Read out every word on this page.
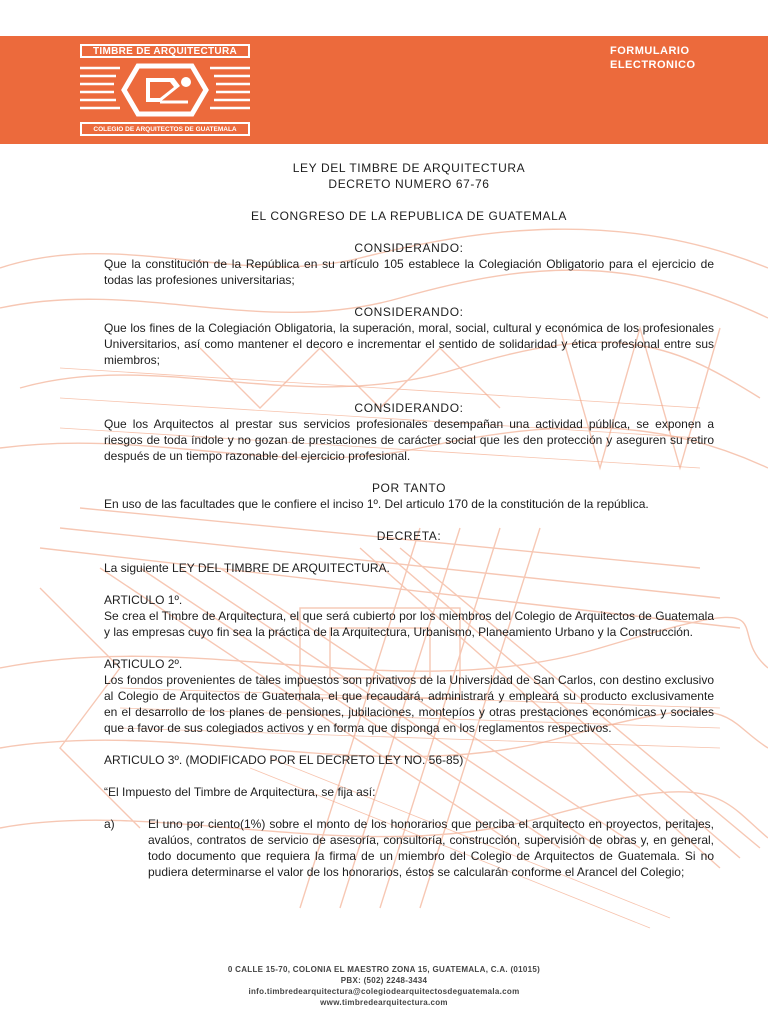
TIMBRE DE ARQUITECTURA
COLEGIO DE ARQUITECTOS DE GUATEMALA
FORMULARIO
ELECTRONICO

LEY DEL TIMBRE DE ARQUITECTURA

DECRETO NUMERO 67-76

EL CONGRESO DE LA REPUBLICA DE GUATEMALA

CONSIDERANDO:

Que la constitución de la República en su artículo 105 establece la Colegiación Obligatorio para el ejercicio de todas las profesiones universitarias;

CONSIDERANDO:

Que los fines de la Colegiación Obligatoria, la superación, moral, social, cultural y económica de los profesionales Universitarios, así como mantener el decoro e incrementar el sentido de solidaridad y ética profesional entre sus miembros;

CONSIDERANDO:

Que los Arquitectos al prestar sus servicios profesionales desempañan una actividad pública, se exponen a riesgos de toda índole y no gozan de prestaciones de carácter social que les den protección y aseguren su retiro después de un tiempo razonable del ejercicio profesional.

POR TANTO

En uso de las facultades que le confiere el inciso 1º. Del articulo 170 de la constitución de la república.

DECRETA:

La siguiente LEY DEL TIMBRE DE ARQUITECTURA.

ARTICULO 1º.

Se crea el Timbre de Arquitectura, el que será cubierto por los miembros del Colegio de Arquitectos de Guatemala y las empresas cuyo fin sea la práctica de la Arquitectura, Urbanismo, Planeamiento Urbano y la Construcción.

ARTICULO 2º.

Los fondos provenientes de tales impuestos son privativos de la Universidad de San Carlos, con destino exclusivo al Colegio de Arquitectos de Guatemala, el que recaudará, administrará y empleará su producto exclusivamente en el desarrollo de los planes de pensiones, jubilaciones, montepíos y otras prestaciones económicas y sociales que a favor de sus colegiados activos y en forma que disponga en los reglamentos respectivos.

ARTICULO 3º. (MODIFICADO POR EL DECRETO LEY NO. 56-85)

“El Impuesto del Timbre de Arquitectura, se fija así:

a)	El uno por ciento(1%) sobre el monto de los honorarios que perciba el arquitecto en proyectos, peritajes, avalúos, contratos de servicio de asesoría, consultoría, construcción, supervisión de obras y, en general, todo documento que requiera la firma de un miembro del Colegio de Arquitectos de Guatemala. Si no pudiera determinarse el valor de los honorarios, éstos se calcularán conforme el Arancel del Colegio;
0 CALLE 15-70, COLONIA EL MAESTRO ZONA 15, GUATEMALA, C.A. (01015)
PBX: (502) 2248-3434
info.timbredearquitectura@colegiodearquitectosdeguatemala.com
www.timbredearquitectura.com
